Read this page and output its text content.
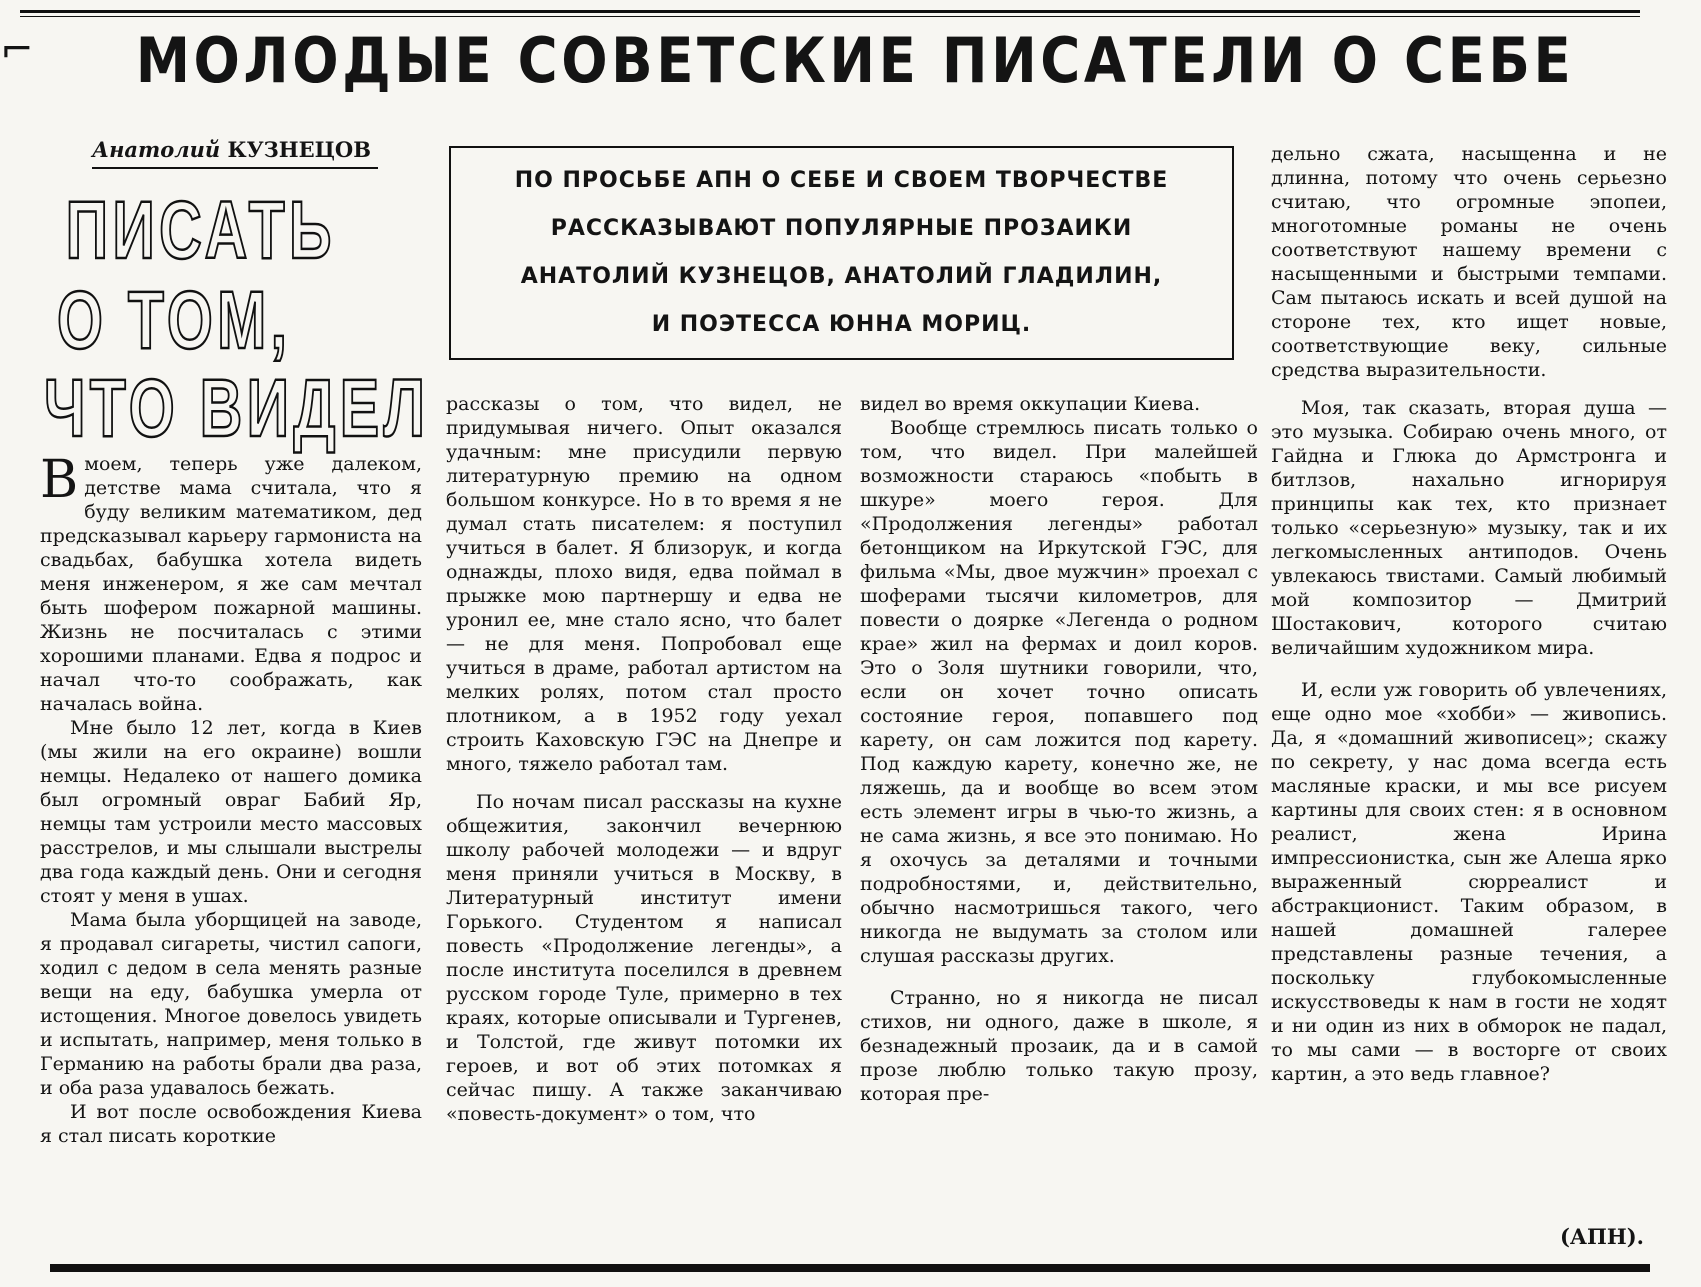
⌐ МОЛОДЫЕ СОВЕТСКИЕ ПИСАТЕЛИ О СЕБЕ
Анатолий КУЗНЕЦОВ
ПИСАТЬ
О ТОМ,
ЧТО ВИДЕЛ
ПО ПРОСЬБЕ АПН О СЕБЕ И СВОЕМ ТВОРЧЕСТВЕ
РАССКАЗЫВАЮТ ПОПУЛЯРНЫЕ ПРОЗАИКИ
АНАТОЛИЙ КУЗНЕЦОВ, АНАТОЛИЙ ГЛАДИЛИН,
И ПОЭТЕССА ЮННА МОРИЦ.

Вмоем, теперь уже далеком, детстве мама считала, что я буду великим математиком, дед предсказывал карьеру гармониста на свадьбах, бабушка хотела видеть меня инженером, я же сам мечтал быть шофером пожарной машины. Жизнь не посчиталась с этими хорошими планами. Едва я подрос и начал что-то соображать, как началась война.

Мне было 12 лет, когда в Киев (мы жили на его окраине) вошли немцы. Недалеко от нашего домика был огромный овраг Бабий Яр, немцы там устроили место массовых расстрелов, и мы слышали выстрелы два года каждый день. Они и сегодня стоят у меня в ушах.

Мама была уборщицей на заводе, я продавал сигареты, чистил сапоги, ходил с дедом в села менять разные вещи на еду, бабушка умерла от истощения. Многое довелось увидеть и испытать, например, меня только в Германию на работы брали два раза, и оба раза удавалось бежать.

И вот после освобождения Киева я стал писать короткие

рассказы о том, что видел, не придумывая ничего. Опыт оказался удачным: мне присудили первую литературную премию на одном большом конкурсе. Но в то время я не думал стать писателем: я поступил учиться в балет. Я близорук, и когда однажды, плохо видя, едва поймал в прыжке мою партнершу и едва не уронил ее, мне стало ясно, что балет — не для меня. Попробовал еще учиться в драме, работал артистом на мелких ролях, потом стал просто плотником, а в 1952 году уехал строить Каховскую ГЭС на Днепре и много, тяжело работал там.

По ночам писал рассказы на кухне общежития, закончил вечернюю школу рабочей молодежи — и вдруг меня приняли учиться в Москву, в Литературный институт имени Горького. Студентом я написал повесть «Продолжение легенды», а после института поселился в древнем русском городе Туле, примерно в тех краях, которые описывали и Тургенев, и Толстой, где живут потомки их героев, и вот об этих потомках я сейчас пишу. А также заканчиваю «повесть-документ» о том, что

видел во время оккупации Киева.

Вообще стремлюсь писать только о том, что видел. При малейшей возможности стараюсь «побыть в шкуре» моего героя. Для «Продолжения легенды» работал бетонщиком на Иркутской ГЭС, для фильма «Мы, двое мужчин» проехал с шоферами тысячи километров, для повести о доярке «Легенда о родном крае» жил на фермах и доил коров. Это о Золя шутники говорили, что, если он хочет точно описать состояние героя, попавшего под карету, он сам ложится под карету. Под каждую карету, конечно же, не ляжешь, да и вообще во всем этом есть элемент игры в чью-то жизнь, а не сама жизнь, я все это понимаю. Но я охочусь за деталями и точными подробностями, и, действительно, обычно насмотришься такого, чего никогда не выдумать за столом или слушая рассказы других.

Странно, но я никогда не писал стихов, ни одного, даже в школе, я безнадежный прозаик, да и в самой прозе люблю только такую прозу, которая пре-

дельно сжата, насыщенна и не длинна, потому что очень серьезно считаю, что огромные эпопеи, многотомные романы не очень соответствуют нашему времени с насыщенными и быстрыми темпами. Сам пытаюсь искать и всей душой на стороне тех, кто ищет новые, соответствующие веку, сильные средства выразительности.

Моя, так сказать, вторая душа — это музыка. Собираю очень много, от Гайдна и Глюка до Армстронга и битлзов, нахально игнорируя принципы как тех, кто признает только «серьезную» музыку, так и их легкомысленных антиподов. Очень увлекаюсь твистами. Самый любимый мой композитор — Дмитрий Шостакович, которого считаю величайшим художником мира.

И, если уж говорить об увлечениях, еще одно мое «хобби» — живопись. Да, я «домашний живописец»; скажу по секрету, у нас дома всегда есть масляные краски, и мы все рисуем картины для своих стен: я в основном реалист, жена Ирина импрессионистка, сын же Алеша ярко выраженный сюрреалист и абстракционист. Таким образом, в нашей домашней галерее представлены разные течения, а поскольку глубокомысленные искусствоведы к нам в гости не ходят и ни один из них в обморок не падал, то мы сами — в восторге от своих картин, а это ведь главное?

(АПН).
